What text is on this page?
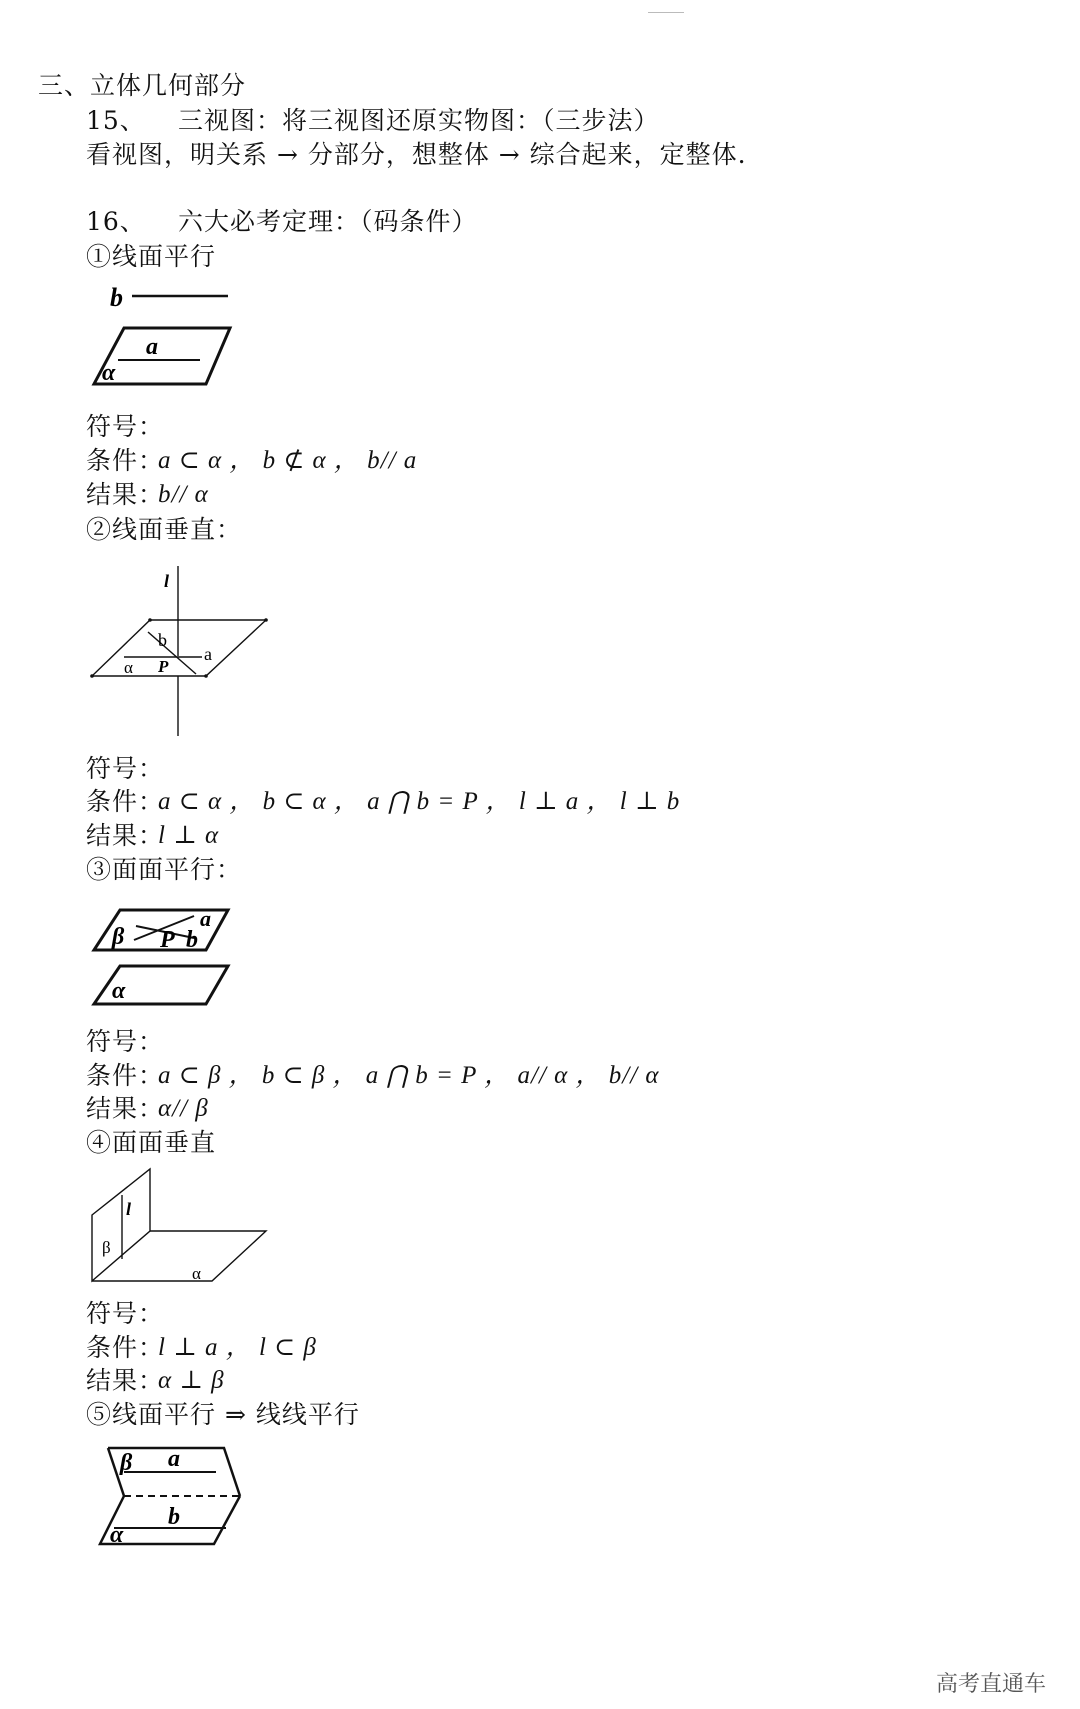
三、立体几何部分
15、 三视图：将三视图还原实物图：（三步法）
看视图，明关系 → 分部分，想整体 → 综合起来，定整体.
16、 六大必考定理：（码条件）
①线面平行
b
a
α
符号：
条件：
a ⊂ α ， b ⊄ α ， b// a
结果：
b// α
②线面垂直：
l
b
a
α P
符号：
条件：
a ⊂ α ， b ⊂ α ， a ⋂ b = P ， l ⊥ a ， l ⊥ b
结果：
l ⊥ α
③面面平行：
β P b
a
α
符号：
条件：
a ⊂ β ， b ⊂ β ， a ⋂ b = P ， a// α ， b// α
结果：
α// β
④面面垂直
l
β
α
符号：
条件：
l ⊥ a ， l ⊂ β
结果：
α ⊥ β
⑤线面平行 ⇒ 线线平行
β a
b
α
高考直通车
